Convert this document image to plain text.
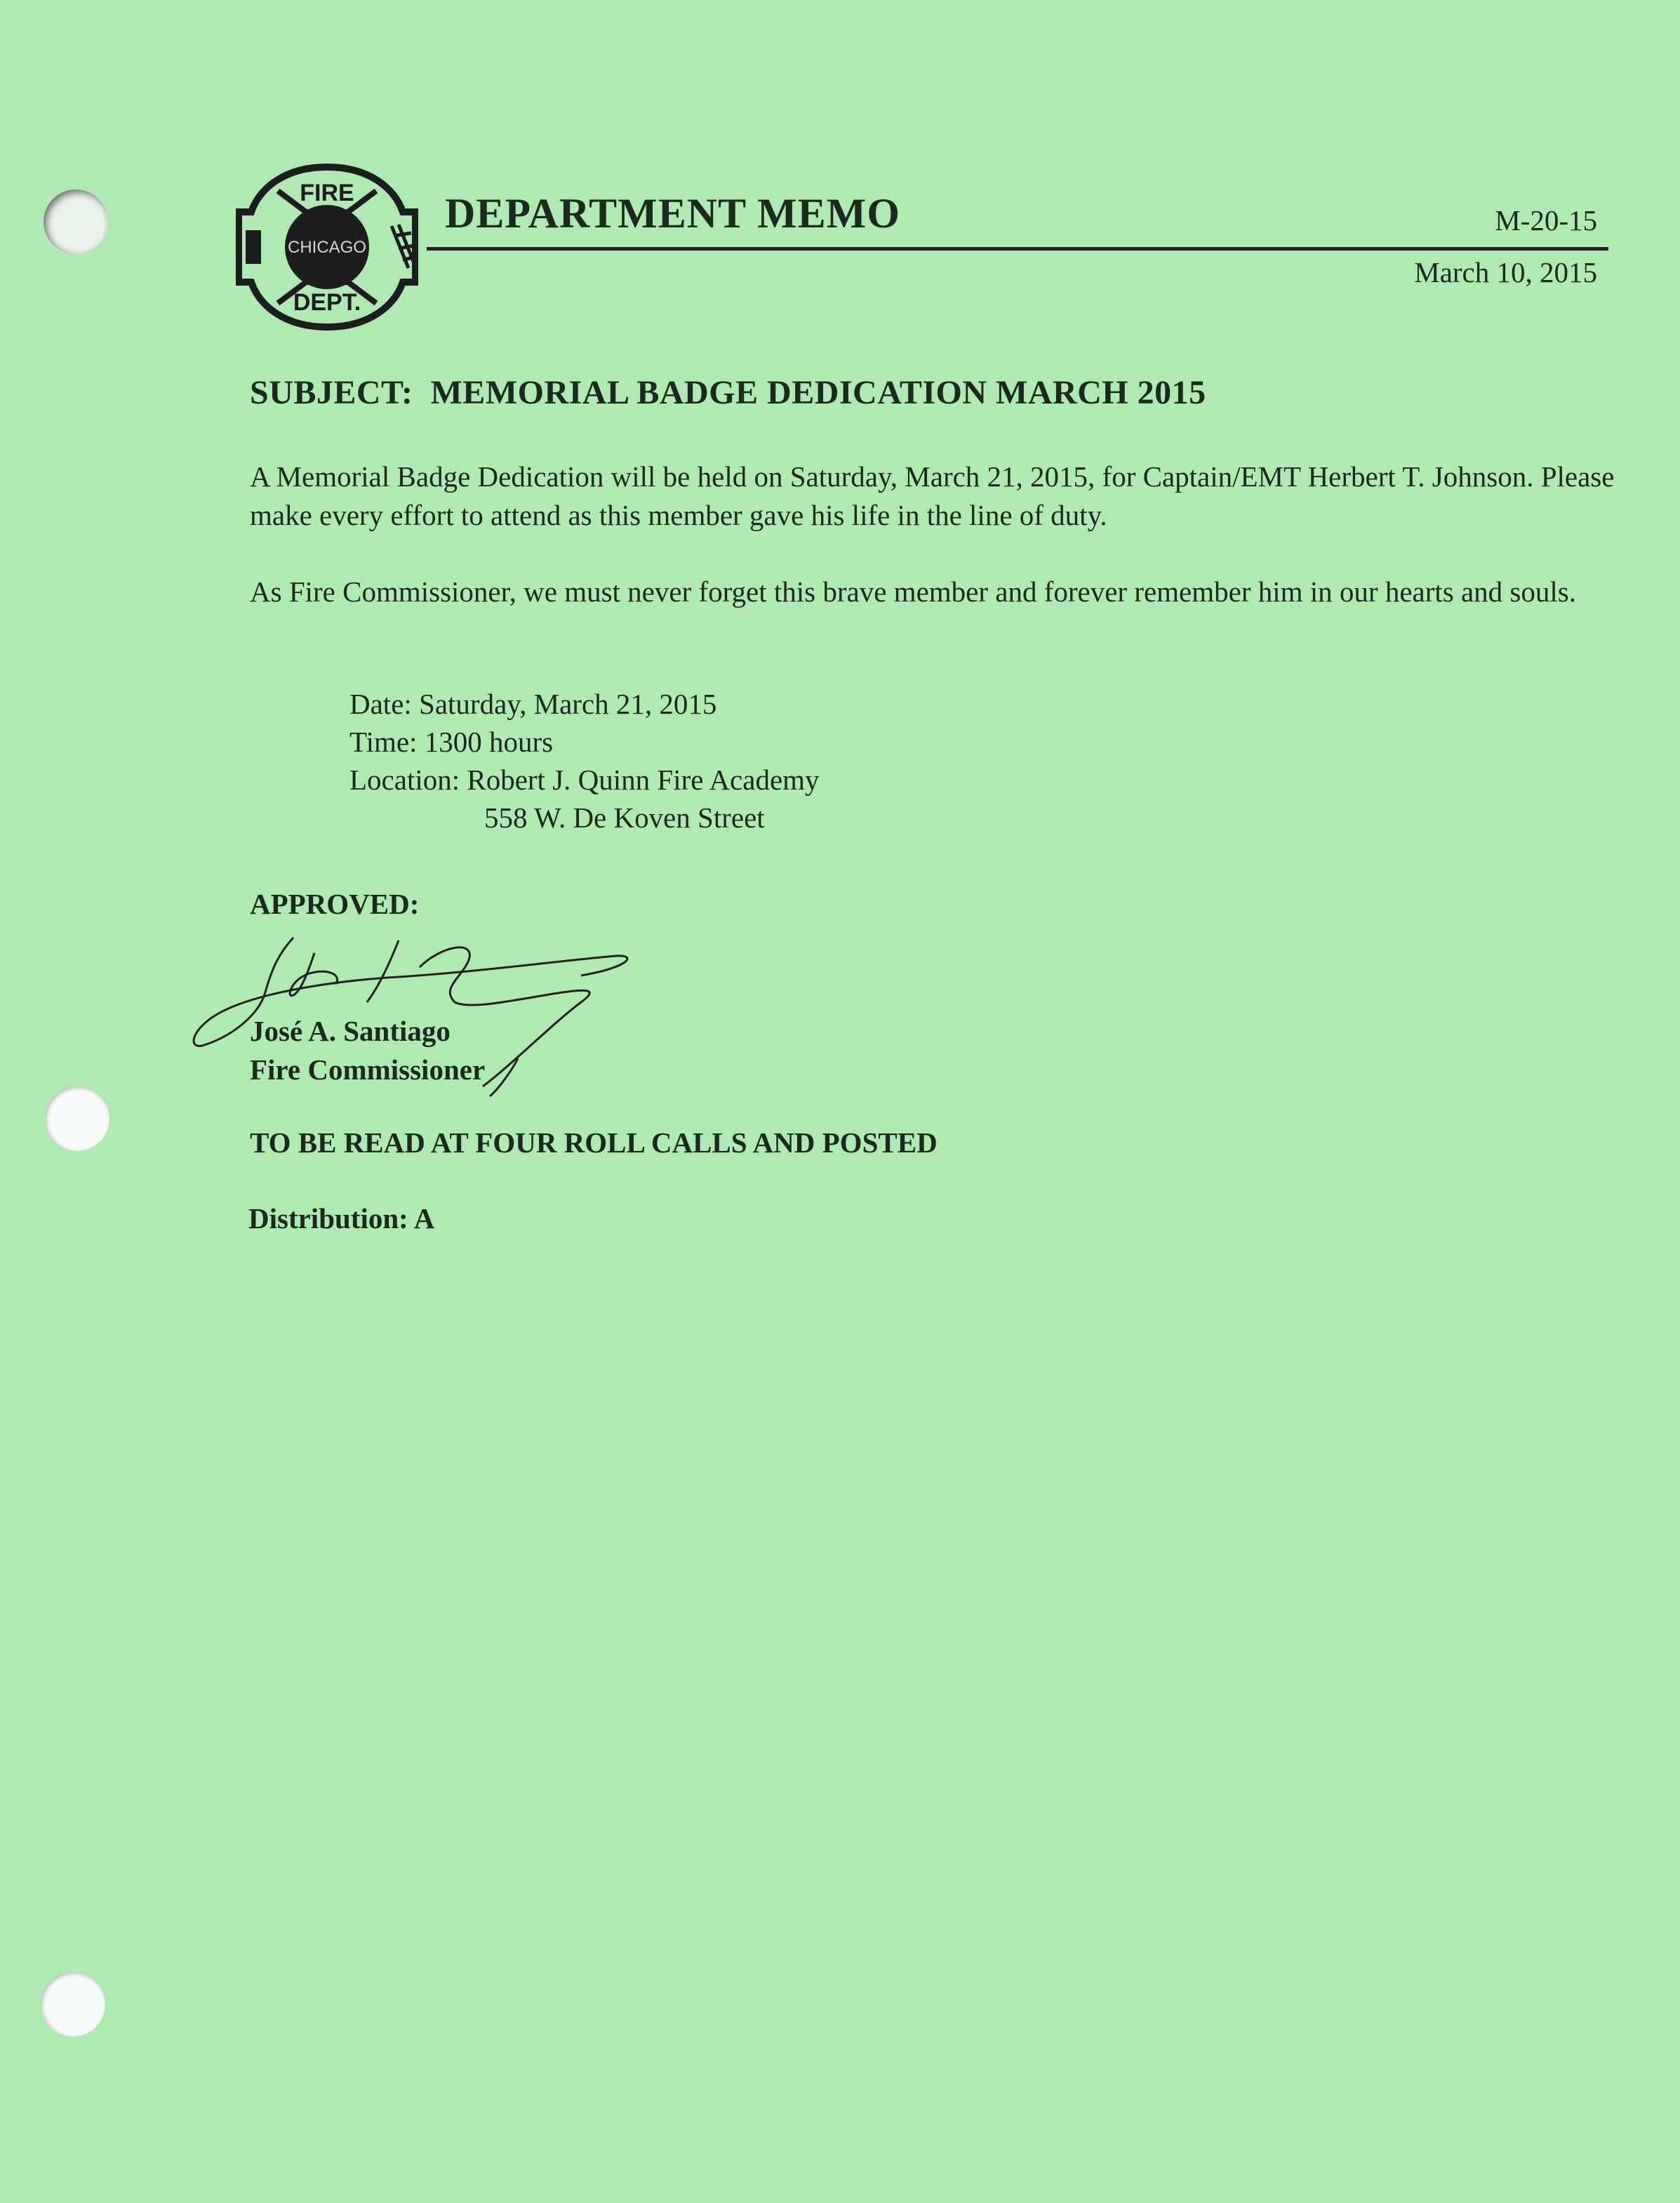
FIRE
CHICAGO
DEPT.
DEPARTMENT MEMO	M-20-15
March 10, 2015
SUBJECT:  MEMORIAL BADGE DEDICATION MARCH 2015
A Memorial Badge Dedication will be held on Saturday, March 21, 2015, for Captain/EMT Herbert T. Johnson. Please make every effort to attend as this member gave his life in the line of duty.
As Fire Commissioner, we must never forget this brave member and forever remember him in our hearts and souls.
Date: Saturday, March 21, 2015
Time: 1300 hours
Location: Robert J. Quinn Fire Academy
558 W. De Koven Street
APPROVED:
José A. Santiago
Fire Commissioner
TO BE READ AT FOUR ROLL CALLS AND POSTED
Distribution: A
